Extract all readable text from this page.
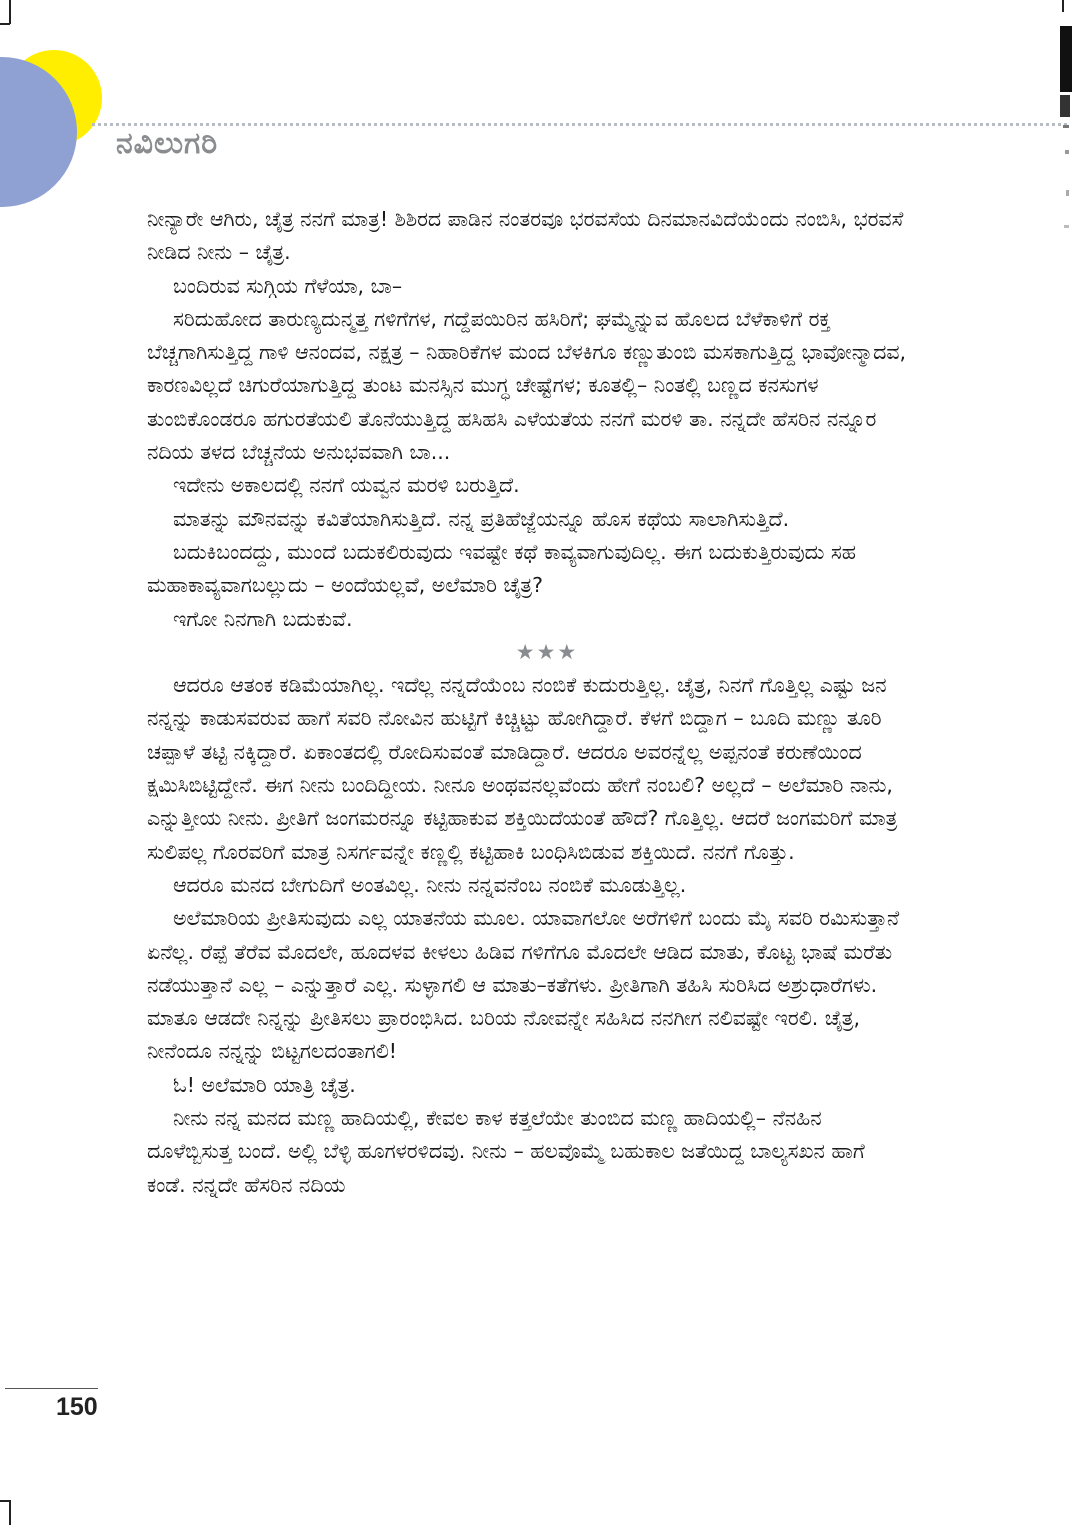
ನವಿಲುಗರಿ

ನೀನ್ಯಾರೇ ಆಗಿರು, ಚೈತ್ರ ನನಗೆ ಮಾತ್ರ! ಶಿಶಿರದ ಪಾಡಿನ ನಂತರವೂ ಭರವಸೆಯ ದಿನಮಾನವಿದೆಯೆಂದು ನಂಬಿಸಿ, ಭರವಸೆ ನೀಡಿದ ನೀನು – ಚೈತ್ರ.

ಬಂದಿರುವ ಸುಗ್ಗಿಯ ಗೆಳೆಯಾ, ಬಾ–

ಸರಿದುಹೋದ ತಾರುಣ್ಯದುನ್ಮತ್ತ ಗಳಿಗೆಗಳ, ಗದ್ದೆಪಯಿರಿನ ಹಸಿರಿಗೆ; ಘಮ್ಮೆನ್ನುವ ಹೊಲದ ಬೆಳೆಕಾಳಿಗೆ ರಕ್ತ ಬೆಚ್ಚಗಾಗಿಸುತ್ತಿದ್ದ ಗಾಳಿ ಆನಂದವ, ನಕ್ಷತ್ರ – ನಿಹಾರಿಕೆಗಳ ಮಂದ ಬೆಳಕಿಗೂ ಕಣ್ಣುತುಂಬಿ ಮಸಕಾಗುತ್ತಿದ್ದ ಭಾವೋನ್ಮಾದವ, ಕಾರಣವಿಲ್ಲದೆ ಚಿಗುರೆಯಾಗುತ್ತಿದ್ದ ತುಂಟ ಮನಸ್ಸಿನ ಮುಗ್ಧ ಚೇಷ್ಟೆಗಳ; ಕೂತಲ್ಲಿ– ನಿಂತಲ್ಲಿ ಬಣ್ಣದ ಕನಸುಗಳ ತುಂಬಿಕೊಂಡರೂ ಹಗುರತೆಯಲಿ ತೊನೆಯುತ್ತಿದ್ದ ಹಸಿಹಸಿ ಎಳೆಯತೆಯ ನನಗೆ ಮರಳಿ ತಾ. ನನ್ನದೇ ಹೆಸರಿನ ನನ್ನೂರ ನದಿಯ ತಳದ ಬೆಚ್ಚನೆಯ ಅನುಭವವಾಗಿ ಬಾ...

ಇದೇನು ಅಕಾಲದಲ್ಲಿ ನನಗೆ ಯವ್ವನ ಮರಳಿ ಬರುತ್ತಿದೆ.

ಮಾತನ್ನು ಮೌನವನ್ನು ಕವಿತೆಯಾಗಿಸುತ್ತಿದೆ. ನನ್ನ ಪ್ರತಿಹೆಜ್ಜೆಯನ್ನೂ ಹೊಸ ಕಥೆಯ ಸಾಲಾಗಿಸುತ್ತಿದೆ.

ಬದುಕಿಬಂದದ್ದು, ಮುಂದೆ ಬದುಕಲಿರುವುದು ಇವಷ್ಟೇ ಕಥೆ ಕಾವ್ಯವಾಗುವುದಿಲ್ಲ. ಈಗ ಬದುಕುತ್ತಿರುವುದು ಸಹ ಮಹಾಕಾವ್ಯವಾಗಬಲ್ಲುದು – ಅಂದೆಯಲ್ಲವೆ, ಅಲೆಮಾರಿ ಚೈತ್ರ?

ಇಗೋ ನಿನಗಾಗಿ ಬದುಕುವೆ.

★★★

ಆದರೂ ಆತಂಕ ಕಡಿಮೆಯಾಗಿಲ್ಲ. ಇದೆಲ್ಲ ನನ್ನದೆಯೆಂಬ ನಂಬಿಕೆ ಕುದುರುತ್ತಿಲ್ಲ. ಚೈತ್ರ, ನಿನಗೆ ಗೊತ್ತಿಲ್ಲ ಎಷ್ಟು ಜನ ನನ್ನನ್ನು ಕಾಡುಸವರುವ ಹಾಗೆ ಸವರಿ ನೋವಿನ ಹುಟ್ಟಿಗೆ ಕಿಚ್ಚಿಟ್ಟು ಹೋಗಿದ್ದಾರೆ. ಕೆಳಗೆ ಬಿದ್ದಾಗ – ಬೂದಿ ಮಣ್ಣು ತೂರಿ ಚಪ್ಪಾಳೆ ತಟ್ಟಿ ನಕ್ಕಿದ್ದಾರೆ. ಏಕಾಂತದಲ್ಲಿ ರೋದಿಸುವಂತೆ ಮಾಡಿದ್ದಾರೆ. ಆದರೂ ಅವರನ್ನೆಲ್ಲ ಅಪ್ಪನಂತೆ ಕರುಣೆಯಿಂದ ಕ್ಷಮಿಸಿಬಿಟ್ಟಿದ್ದೇನೆ. ಈಗ ನೀನು ಬಂದಿದ್ದೀಯ. ನೀನೂ ಅಂಥವನಲ್ಲವೆಂದು ಹೇಗೆ ನಂಬಲಿ? ಅಲ್ಲದೆ – ಅಲೆಮಾರಿ ನಾನು, ಎನ್ನುತ್ತೀಯ ನೀನು. ಪ್ರೀತಿಗೆ ಜಂಗಮರನ್ನೂ ಕಟ್ಟಿಹಾಕುವ ಶಕ್ತಿಯಿದೆಯಂತೆ ಹೌದೆ? ಗೊತ್ತಿಲ್ಲ. ಆದರೆ ಜಂಗಮರಿಗೆ ಮಾತ್ರ ಸುಲಿಪಲ್ಲ ಗೊರವರಿಗೆ ಮಾತ್ರ ನಿಸರ್ಗವನ್ನೇ ಕಣ್ಣಲ್ಲಿ ಕಟ್ಟಿಹಾಕಿ ಬಂಧಿಸಿಬಿಡುವ ಶಕ್ತಿಯಿದೆ. ನನಗೆ ಗೊತ್ತು.

ಆದರೂ ಮನದ ಬೇಗುದಿಗೆ ಅಂತವಿಲ್ಲ. ನೀನು ನನ್ನವನೆಂಬ ನಂಬಿಕೆ ಮೂಡುತ್ತಿಲ್ಲ.

ಅಲೆಮಾರಿಯ ಪ್ರೀತಿಸುವುದು ಎಲ್ಲ ಯಾತನೆಯ ಮೂಲ. ಯಾವಾಗಲೋ ಅರೆಗಳಿಗೆ ಬಂದು ಮೈ ಸವರಿ ರಮಿಸುತ್ತಾನೆ ಏನೆಲ್ಲ. ರೆಪ್ಪೆ ತೆರೆವ ಮೊದಲೇ, ಹೂದಳವ ಕೀಳಲು ಹಿಡಿವ ಗಳಿಗೆಗೂ ಮೊದಲೇ ಆಡಿದ ಮಾತು, ಕೊಟ್ಟ ಭಾಷೆ ಮರೆತು ನಡೆಯುತ್ತಾನೆ ಎಲ್ಲ – ಎನ್ನುತ್ತಾರೆ ಎಲ್ಲ. ಸುಳ್ಳಾಗಲಿ ಆ ಮಾತು–ಕತೆಗಳು. ಪ್ರೀತಿಗಾಗಿ ತಹಿಸಿ ಸುರಿಸಿದ ಅಶ್ರುಧಾರೆಗಳು. ಮಾತೂ ಆಡದೇ ನಿನ್ನನ್ನು ಪ್ರೀತಿಸಲು ಪ್ರಾರಂಭಿಸಿದ. ಬರಿಯ ನೋವನ್ನೇ ಸಹಿಸಿದ ನನಗೀಗ ನಲಿವಷ್ಟೇ ಇರಲಿ. ಚೈತ್ರ, ನೀನೆಂದೂ ನನ್ನನ್ನು ಬಿಟ್ಟಗಲದಂತಾಗಲಿ!

ಓ! ಅಲೆಮಾರಿ ಯಾತ್ರಿ ಚೈತ್ರ.

ನೀನು ನನ್ನ ಮನದ ಮಣ್ಣ ಹಾದಿಯಲ್ಲಿ, ಕೇವಲ ಕಾಳ ಕತ್ತಲೆಯೇ ತುಂಬಿದ ಮಣ್ಣ ಹಾದಿಯಲ್ಲಿ– ನೆನಹಿನ ದೂಳೆಬ್ಬಿಸುತ್ತ ಬಂದೆ. ಅಲ್ಲಿ ಬೆಳ್ಳಿ ಹೂಗಳರಳಿದವು. ನೀನು – ಹಲವೊಮ್ಮೆ ಬಹುಕಾಲ ಜತೆಯಿದ್ದ ಬಾಲ್ಯಸಖನ ಹಾಗೆ ಕಂಡೆ. ನನ್ನದೇ ಹೆಸರಿನ ನದಿಯ

150
